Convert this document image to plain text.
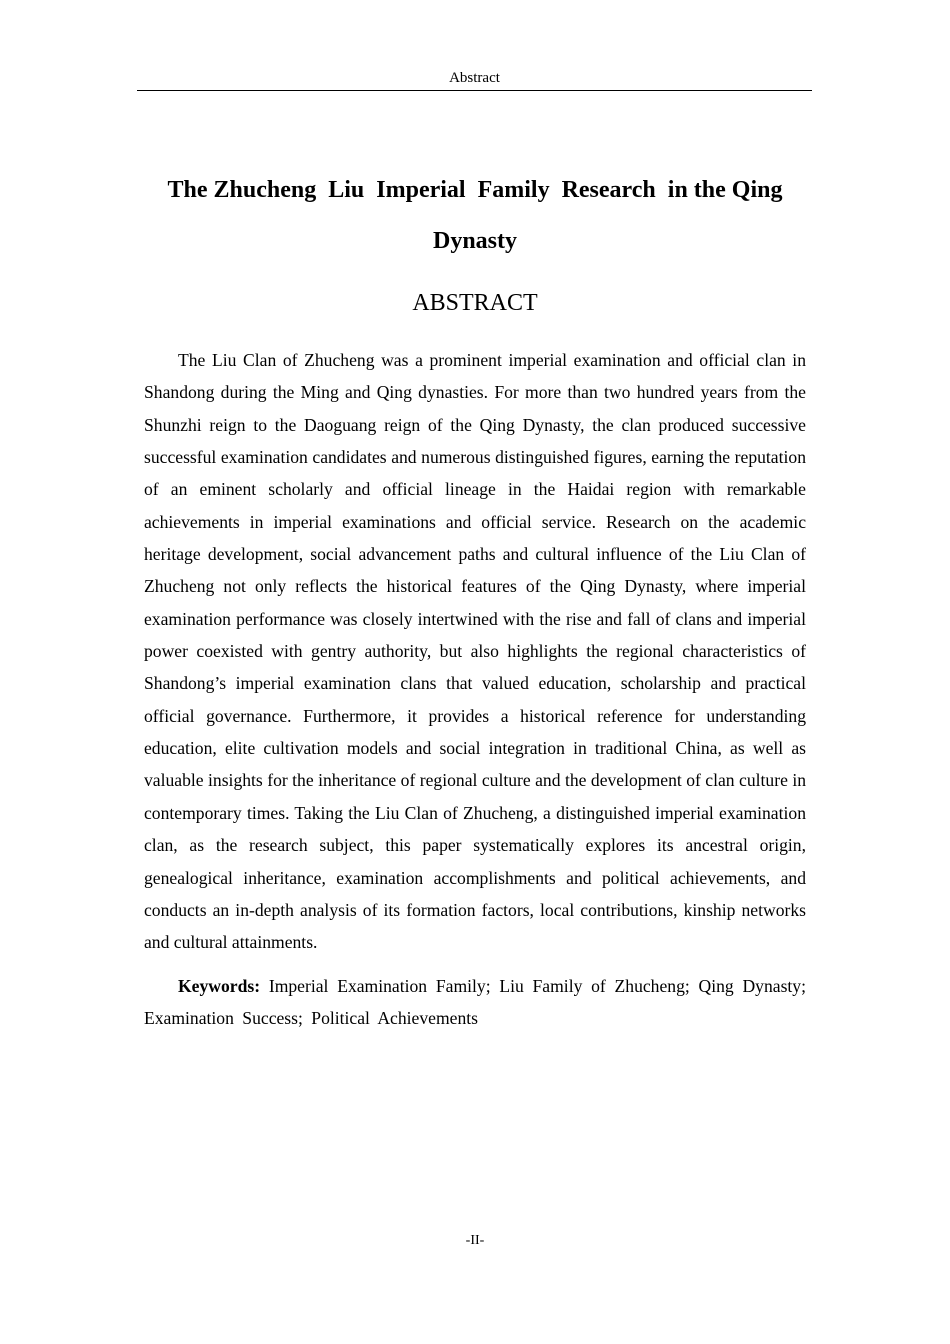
Abstract
The Zhucheng  Liu  Imperial  Family  Research  in the Qing
Dynasty
ABSTRACT

The Liu Clan of Zhucheng was a prominent imperial examination and official clan in Shandong during the Ming and Qing dynasties. For more than two hundred years from the Shunzhi reign to the Daoguang reign of the Qing Dynasty, the clan produced successive successful examination candidates and numerous distinguished figures, earning the reputation of an eminent scholarly and official lineage in the Haidai region with remarkable achievements in imperial examinations and official service. Research on the academic heritage development, social advancement paths and cultural influence of the Liu Clan of Zhucheng not only reflects the historical features of the Qing Dynasty, where imperial examination performance was closely intertwined with the rise and fall of clans and imperial power coexisted with gentry authority, but also highlights the regional characteristics of Shandong’s imperial examination clans that valued education, scholarship and practical official governance. Furthermore, it provides a historical reference for understanding education, elite cultivation models and social integration in traditional China, as well as valuable insights for the inheritance of regional culture and the development of clan culture in contemporary times. Taking the Liu Clan of Zhucheng, a distinguished imperial examination clan, as the research subject, this paper systematically explores its ancestral origin, genealogical inheritance, examination accomplishments and political achievements, and conducts an in-depth analysis of its formation factors, local contributions, kinship networks and cultural attainments.

Keywords: Imperial Examination Family; Liu Family of Zhucheng; Qing Dynasty; Examination Success; Political Achievements

-II-
